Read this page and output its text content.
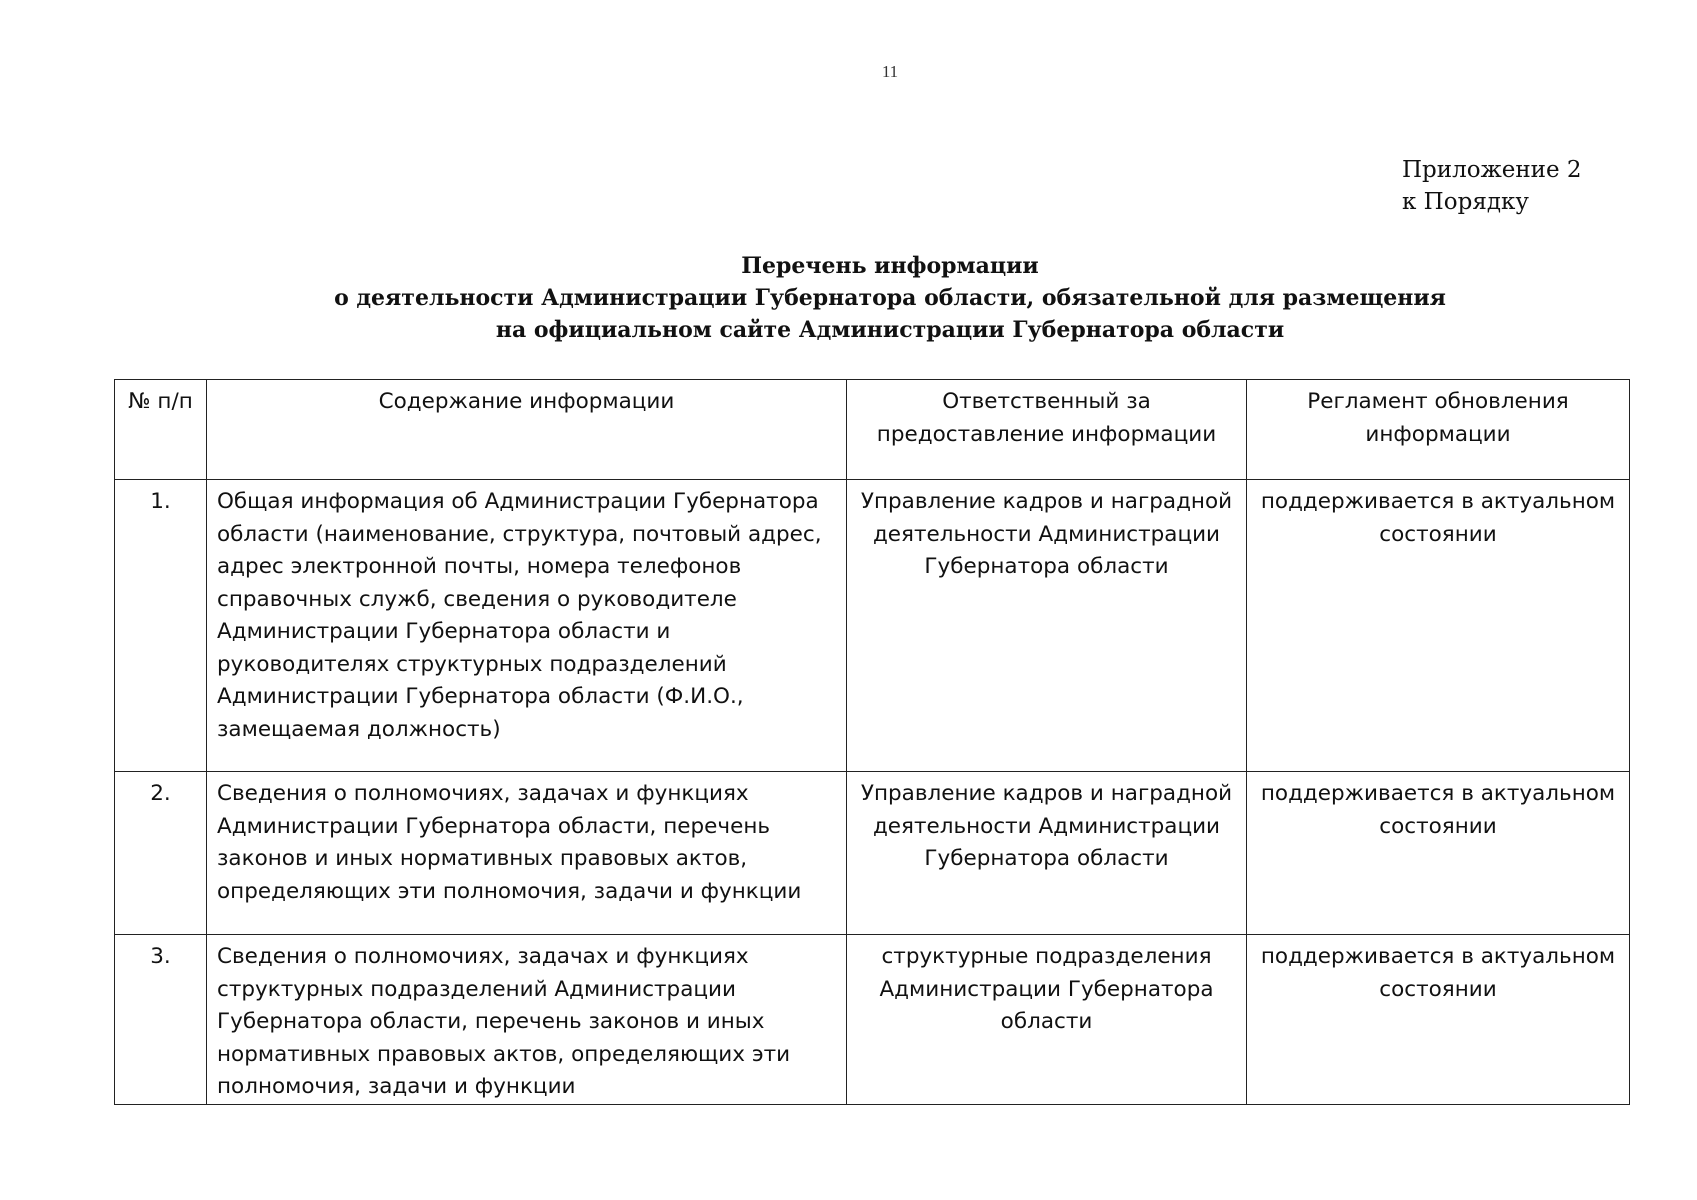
11
Приложение 2
к Порядку
Перечень информации
о деятельности Администрации Губернатора области, обязательной для размещения
на официальном сайте Администрации Губернатора области
№ п/п	Содержание информации	Ответственный за предоставление информации	Регламент обновления информации
1.	Общая информация об Администрации Губернатора области (наименование, структура, почтовый адрес, адрес электронной почты, номера телефонов справочных служб, сведения о руководителе Администрации Губернатора области и руководителях структурных подразделений Администрации Губернатора области (Ф.И.О., замещаемая должность)	Управление кадров и наградной деятельности Администрации Губернатора области	поддерживается в актуальном состоянии
2.	Сведения о полномочиях, задачах и функциях Администрации Губернатора области, перечень законов и иных нормативных правовых актов, определяющих эти полномочия, задачи и функции	Управление кадров и наградной деятельности Администрации Губернатора области	поддерживается в актуальном состоянии
3.	Сведения о полномочиях, задачах и функциях структурных подразделений Администрации Губернатора области, перечень законов и иных нормативных правовых актов, определяющих эти полномочия, задачи и функции	структурные подразделения Администрации Губернатора области	поддерживается в актуальном состоянии
